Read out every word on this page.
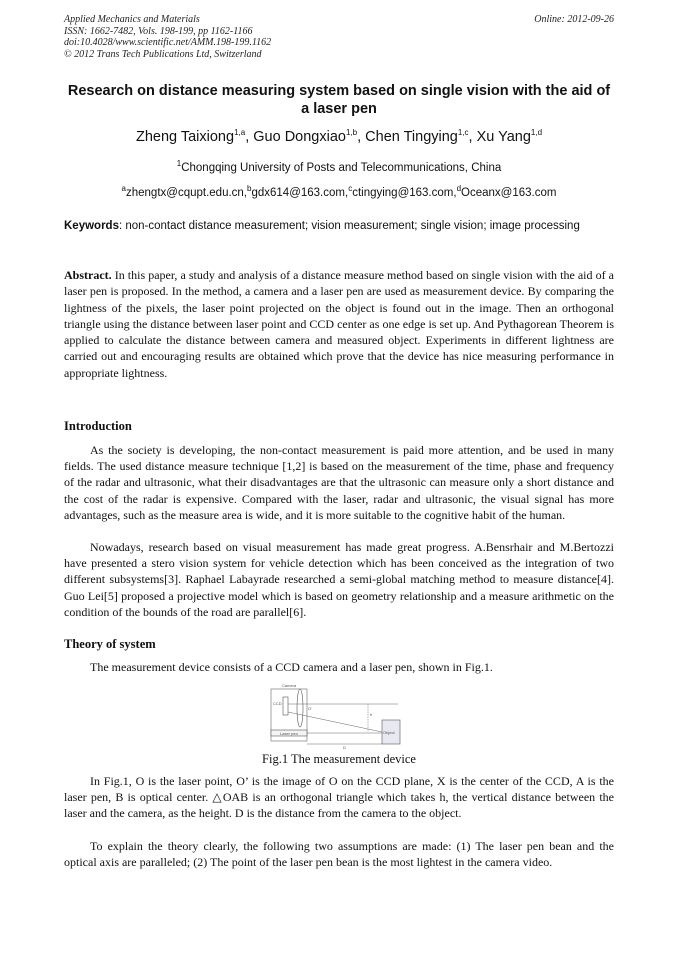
Applied Mechanics and Materials
ISSN: 1662-7482, Vols. 198-199, pp 1162-1166
doi:10.4028/www.scientific.net/AMM.198-199.1162
© 2012 Trans Tech Publications Ltd, Switzerland
Online: 2012-09-26
Research on distance measuring system based on single vision with the aid of a laser pen
Zheng Taixiong$^{1,a}$, Guo Dongxiao$^{1,b}$, Chen Tingying$^{1,c}$, Xu Yang$^{1,d}$
$^1$Chongqing University of Posts and Telecommunications, China
$^a$zhengtx@cqupt.edu.cn,$^b$gdx614@163.com,$^c$ctingying@163.com,$^d$Oceanx@163.com
Keywords: non-contact distance measurement; vision measurement; single vision; image processing
Abstract. In this paper, a study and analysis of a distance measure method based on single vision with the aid of a laser pen is proposed. In the method, a camera and a laser pen are used as measurement device. By comparing the lightness of the pixels, the laser point projected on the object is found out in the image. Then an orthogonal triangle using the distance between laser point and CCD center as one edge is set up. And Pythagorean Theorem is applied to calculate the distance between camera and measured object. Experiments in different lightness are carried out and encouraging results are obtained which prove that the device has nice measuring performance in appropriate lightness.
Introduction
As the society is developing, the non-contact measurement is paid more attention, and be used in many fields. The used distance measure technique [1,2] is based on the measurement of the time, phase and frequency of the radar and ultrasonic, what their disadvantages are that the ultrasonic can measure only a short distance and the cost of the radar is expensive. Compared with the laser, radar and ultrasonic, the visual signal has more advantages, such as the measure area is wide, and it is more suitable to the cognitive habit of the human.
Nowadays, research based on visual measurement has made great progress. A.Bensrhair and M.Bertozzi have presented a stero vision system for vehicle detection which has been conceived as the integration of two different subsystems[3]. Raphael Labayrade researched a semi-global matching method to measure distance[4]. Guo Lei[5] proposed a projective model which is based on geometry relationship and a measure arithmetic on the condition of the bounds of the road are parallel[6].
Theory of system
The measurement device consists of a CCD camera and a laser pen, shown in Fig.1.
Camera
CCD
O'
h
Laser pen	Object
D
Fig.1 The measurement device
In Fig.1, O is the laser point, O’ is the image of O on the CCD plane, X is the center of the CCD, A is the laser pen, B is optical center. △OAB is an orthogonal triangle which takes h, the vertical distance between the laser and the camera, as the height. D is the distance from the camera to the object.
To explain the theory clearly, the following two assumptions are made: (1) The laser pen bean and the optical axis are paralleled; (2) The point of the laser pen bean is the most lightest in the camera video.
